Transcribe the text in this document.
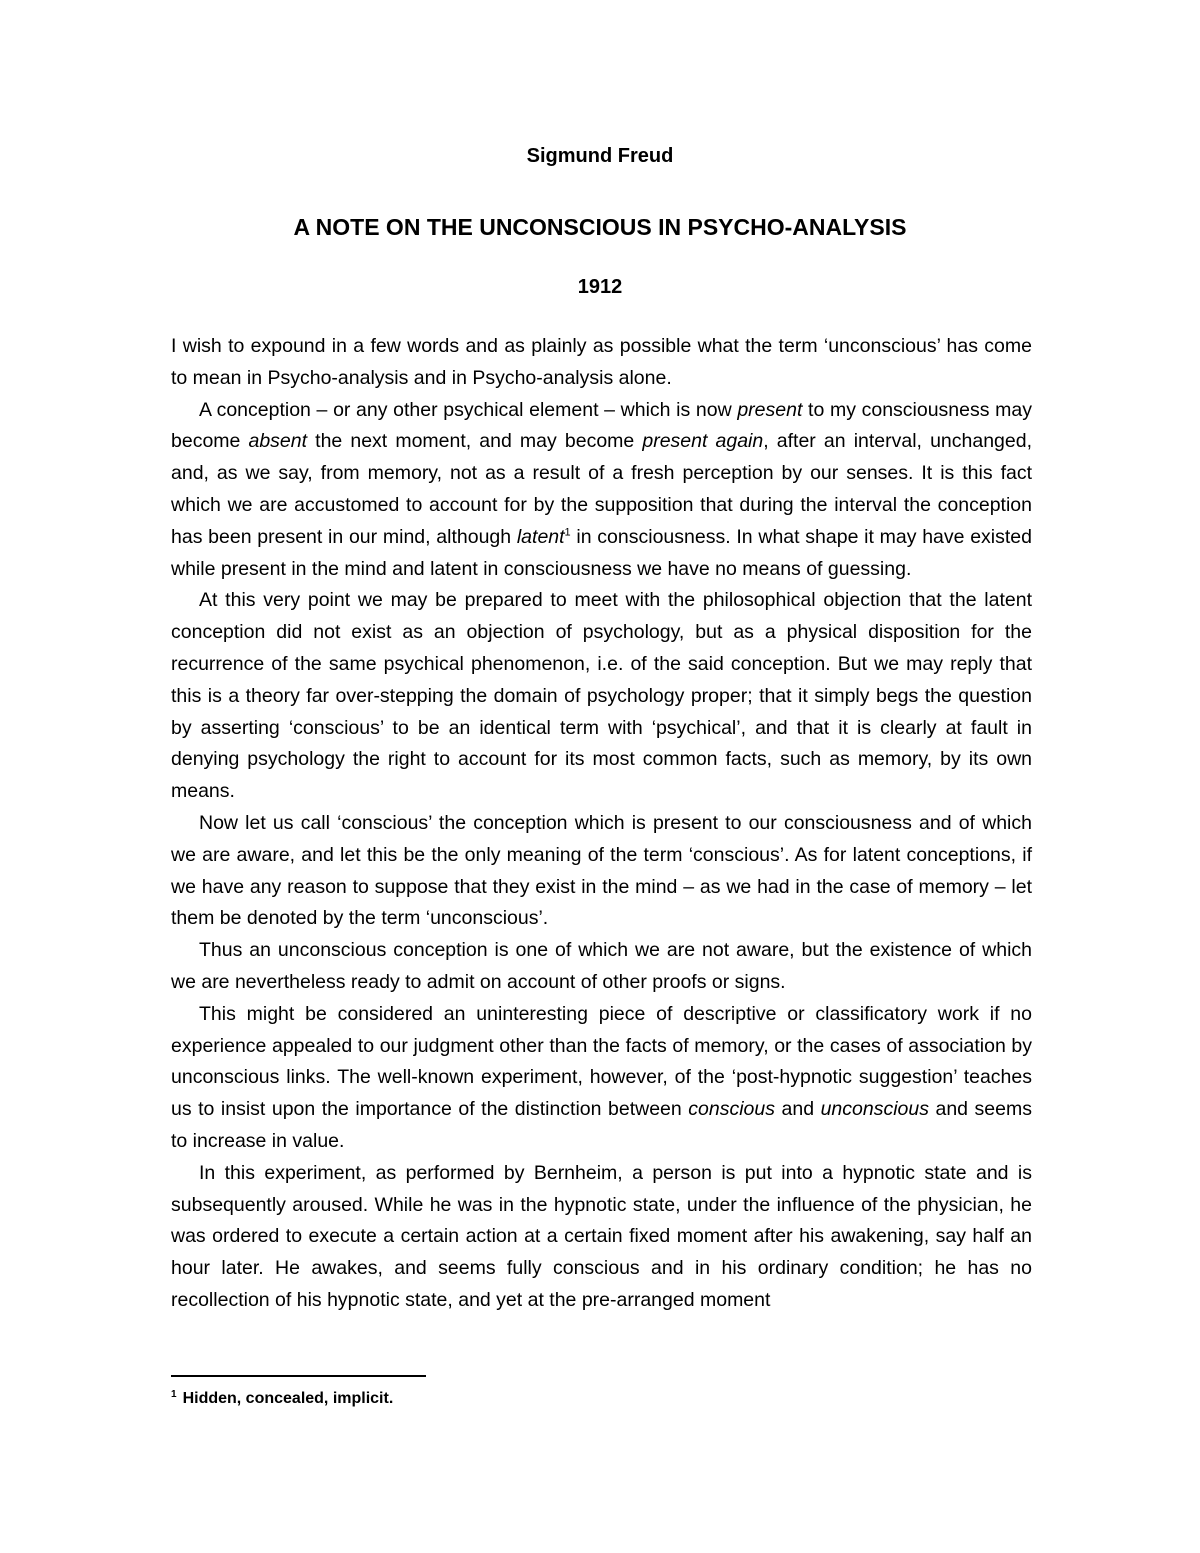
Sigmund Freud
A NOTE ON THE UNCONSCIOUS IN PSYCHO-ANALYSIS
1912

I wish to expound in a few words and as plainly as possible what the term ‘unconscious’ has come to mean in Psycho-analysis and in Psycho-analysis alone.

A conception – or any other psychical element – which is now present to my consciousness may become absent the next moment, and may become present again, after an interval, unchanged, and, as we say, from memory, not as a result of a fresh perception by our senses. It is this fact which we are accustomed to account for by the supposition that during the interval the conception has been present in our mind, although latent$^1$ in consciousness. In what shape it may have existed while present in the mind and latent in consciousness we have no means of guessing.

At this very point we may be prepared to meet with the philosophical objection that the latent conception did not exist as an objection of psychology, but as a physical disposition for the recurrence of the same psychical phenomenon, i.e. of the said conception. But we may reply that this is a theory far over-stepping the domain of psychology proper; that it simply begs the question by asserting ‘conscious’ to be an identical term with ‘psychical’, and that it is clearly at fault in denying psychology the right to account for its most common facts, such as memory, by its own means.

Now let us call ‘conscious’ the conception which is present to our consciousness and of which we are aware, and let this be the only meaning of the term ‘conscious’. As for latent conceptions, if we have any reason to suppose that they exist in the mind – as we had in the case of memory – let them be denoted by the term ‘unconscious’.

Thus an unconscious conception is one of which we are not aware, but the existence of which we are nevertheless ready to admit on account of other proofs or signs.

This might be considered an uninteresting piece of descriptive or classificatory work if no experience appealed to our judgment other than the facts of memory, or the cases of association by unconscious links. The well-known experiment, however, of the ‘post-hypnotic suggestion’ teaches us to insist upon the importance of the distinction between conscious and unconscious and seems to increase in value.

In this experiment, as performed by Bernheim, a person is put into a hypnotic state and is subsequently aroused. While he was in the hypnotic state, under the influence of the physician, he was ordered to execute a certain action at a certain fixed moment after his awakening, say half an hour later. He awakes, and seems fully conscious and in his ordinary condition; he has no recollection of his hypnotic state, and yet at the pre-arranged moment

$^1$ Hidden, concealed, implicit.
